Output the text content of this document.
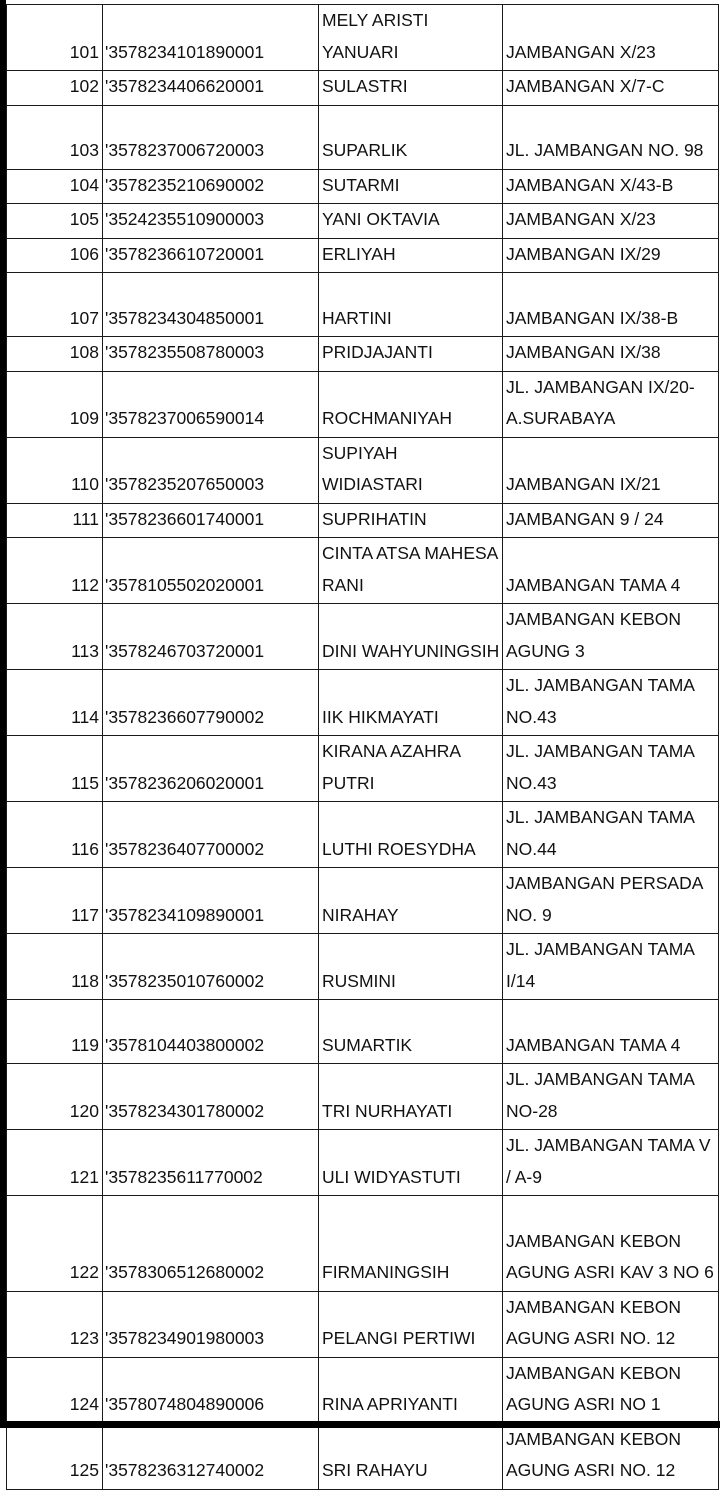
101	'3578234101890001	MELY ARISTI YANUARI	JAMBANGAN X/23
102	'3578234406620001	SULASTRI	JAMBANGAN X/7-C
103	'3578237006720003	SUPARLIK	JL. JAMBANGAN NO. 98
104	'3578235210690002	SUTARMI	JAMBANGAN X/43-B
105	'3524235510900003	YANI OKTAVIA	JAMBANGAN X/23
106	'3578236610720001	ERLIYAH	JAMBANGAN IX/29
107	'3578234304850001	HARTINI	JAMBANGAN IX/38-B
108	'3578235508780003	PRIDJAJANTI	JAMBANGAN IX/38
109	'3578237006590014	ROCHMANIYAH	JL. JAMBANGAN IX/20-A.SURABAYA
110	'3578235207650003	SUPIYAH WIDIASTARI	JAMBANGAN IX/21
111	'3578236601740001	SUPRIHATIN	JAMBANGAN 9 / 24
112	'3578105502020001	CINTA ATSA MAHESA RANI	JAMBANGAN TAMA 4
113	'3578246703720001	DINI WAHYUNINGSIH	JAMBANGAN KEBON AGUNG 3
114	'3578236607790002	IIK HIKMAYATI	JL. JAMBANGAN TAMA NO.43
115	'3578236206020001	KIRANA AZAHRA PUTRI	JL. JAMBANGAN TAMA NO.43
116	'3578236407700002	LUTHI ROESYDHA	JL. JAMBANGAN TAMA NO.44
117	'3578234109890001	NIRAHAY	JAMBANGAN PERSADA NO. 9
118	'3578235010760002	RUSMINI	JL. JAMBANGAN TAMA I/14
119	'3578104403800002	SUMARTIK	JAMBANGAN TAMA 4
120	'3578234301780002	TRI NURHAYATI	JL. JAMBANGAN TAMA NO-28
121	'3578235611770002	ULI WIDYASTUTI	JL. JAMBANGAN TAMA V / A-9
122	'3578306512680002	FIRMANINGSIH	JAMBANGAN KEBON AGUNG ASRI KAV 3 NO 6
123	'3578234901980003	PELANGI PERTIWI	JAMBANGAN KEBON AGUNG ASRI NO. 12
124	'3578074804890006	RINA APRIYANTI	JAMBANGAN KEBON AGUNG ASRI NO 1
125	'3578236312740002	SRI RAHAYU	JAMBANGAN KEBON AGUNG ASRI NO. 12
